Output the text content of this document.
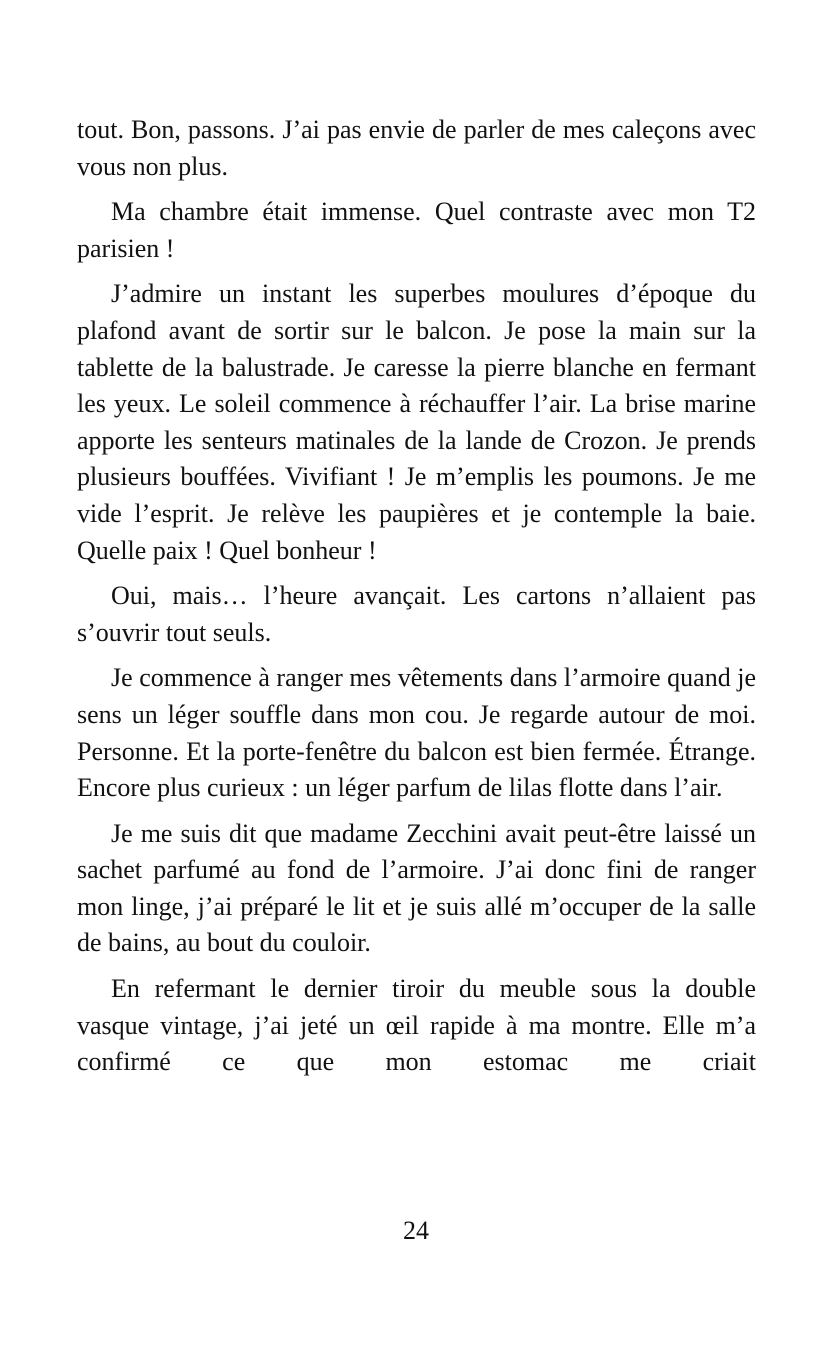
tout. Bon, passons. J’ai pas envie de parler de mes caleçons avec vous non plus.

Ma chambre était immense. Quel contraste avec mon T2 parisien !

J’admire un instant les superbes moulures d’époque du plafond avant de sortir sur le balcon. Je pose la main sur la tablette de la balustrade. Je caresse la pierre blanche en fermant les yeux. Le soleil commence à réchauffer l’air. La brise marine apporte les senteurs matinales de la lande de Crozon. Je prends plusieurs bouffées. Vivifiant ! Je m’emplis les poumons. Je me vide l’esprit. Je relève les paupières et je contemple la baie. Quelle paix ! Quel bonheur !

Oui, mais… l’heure avançait. Les cartons n’allaient pas s’ouvrir tout seuls.

Je commence à ranger mes vêtements dans l’armoire quand je sens un léger souffle dans mon cou. Je regarde autour de moi. Personne. Et la porte-fenêtre du balcon est bien fermée. Étrange. Encore plus curieux : un léger parfum de lilas flotte dans l’air.

Je me suis dit que madame Zecchini avait peut-être laissé un sachet parfumé au fond de l’armoire. J’ai donc fini de ranger mon linge, j’ai préparé le lit et je suis allé m’occuper de la salle de bains, au bout du couloir.

En refermant le dernier tiroir du meuble sous la double vasque vintage, j’ai jeté un œil rapide à ma montre. Elle m’a confirmé ce que mon estomac me criait

24
